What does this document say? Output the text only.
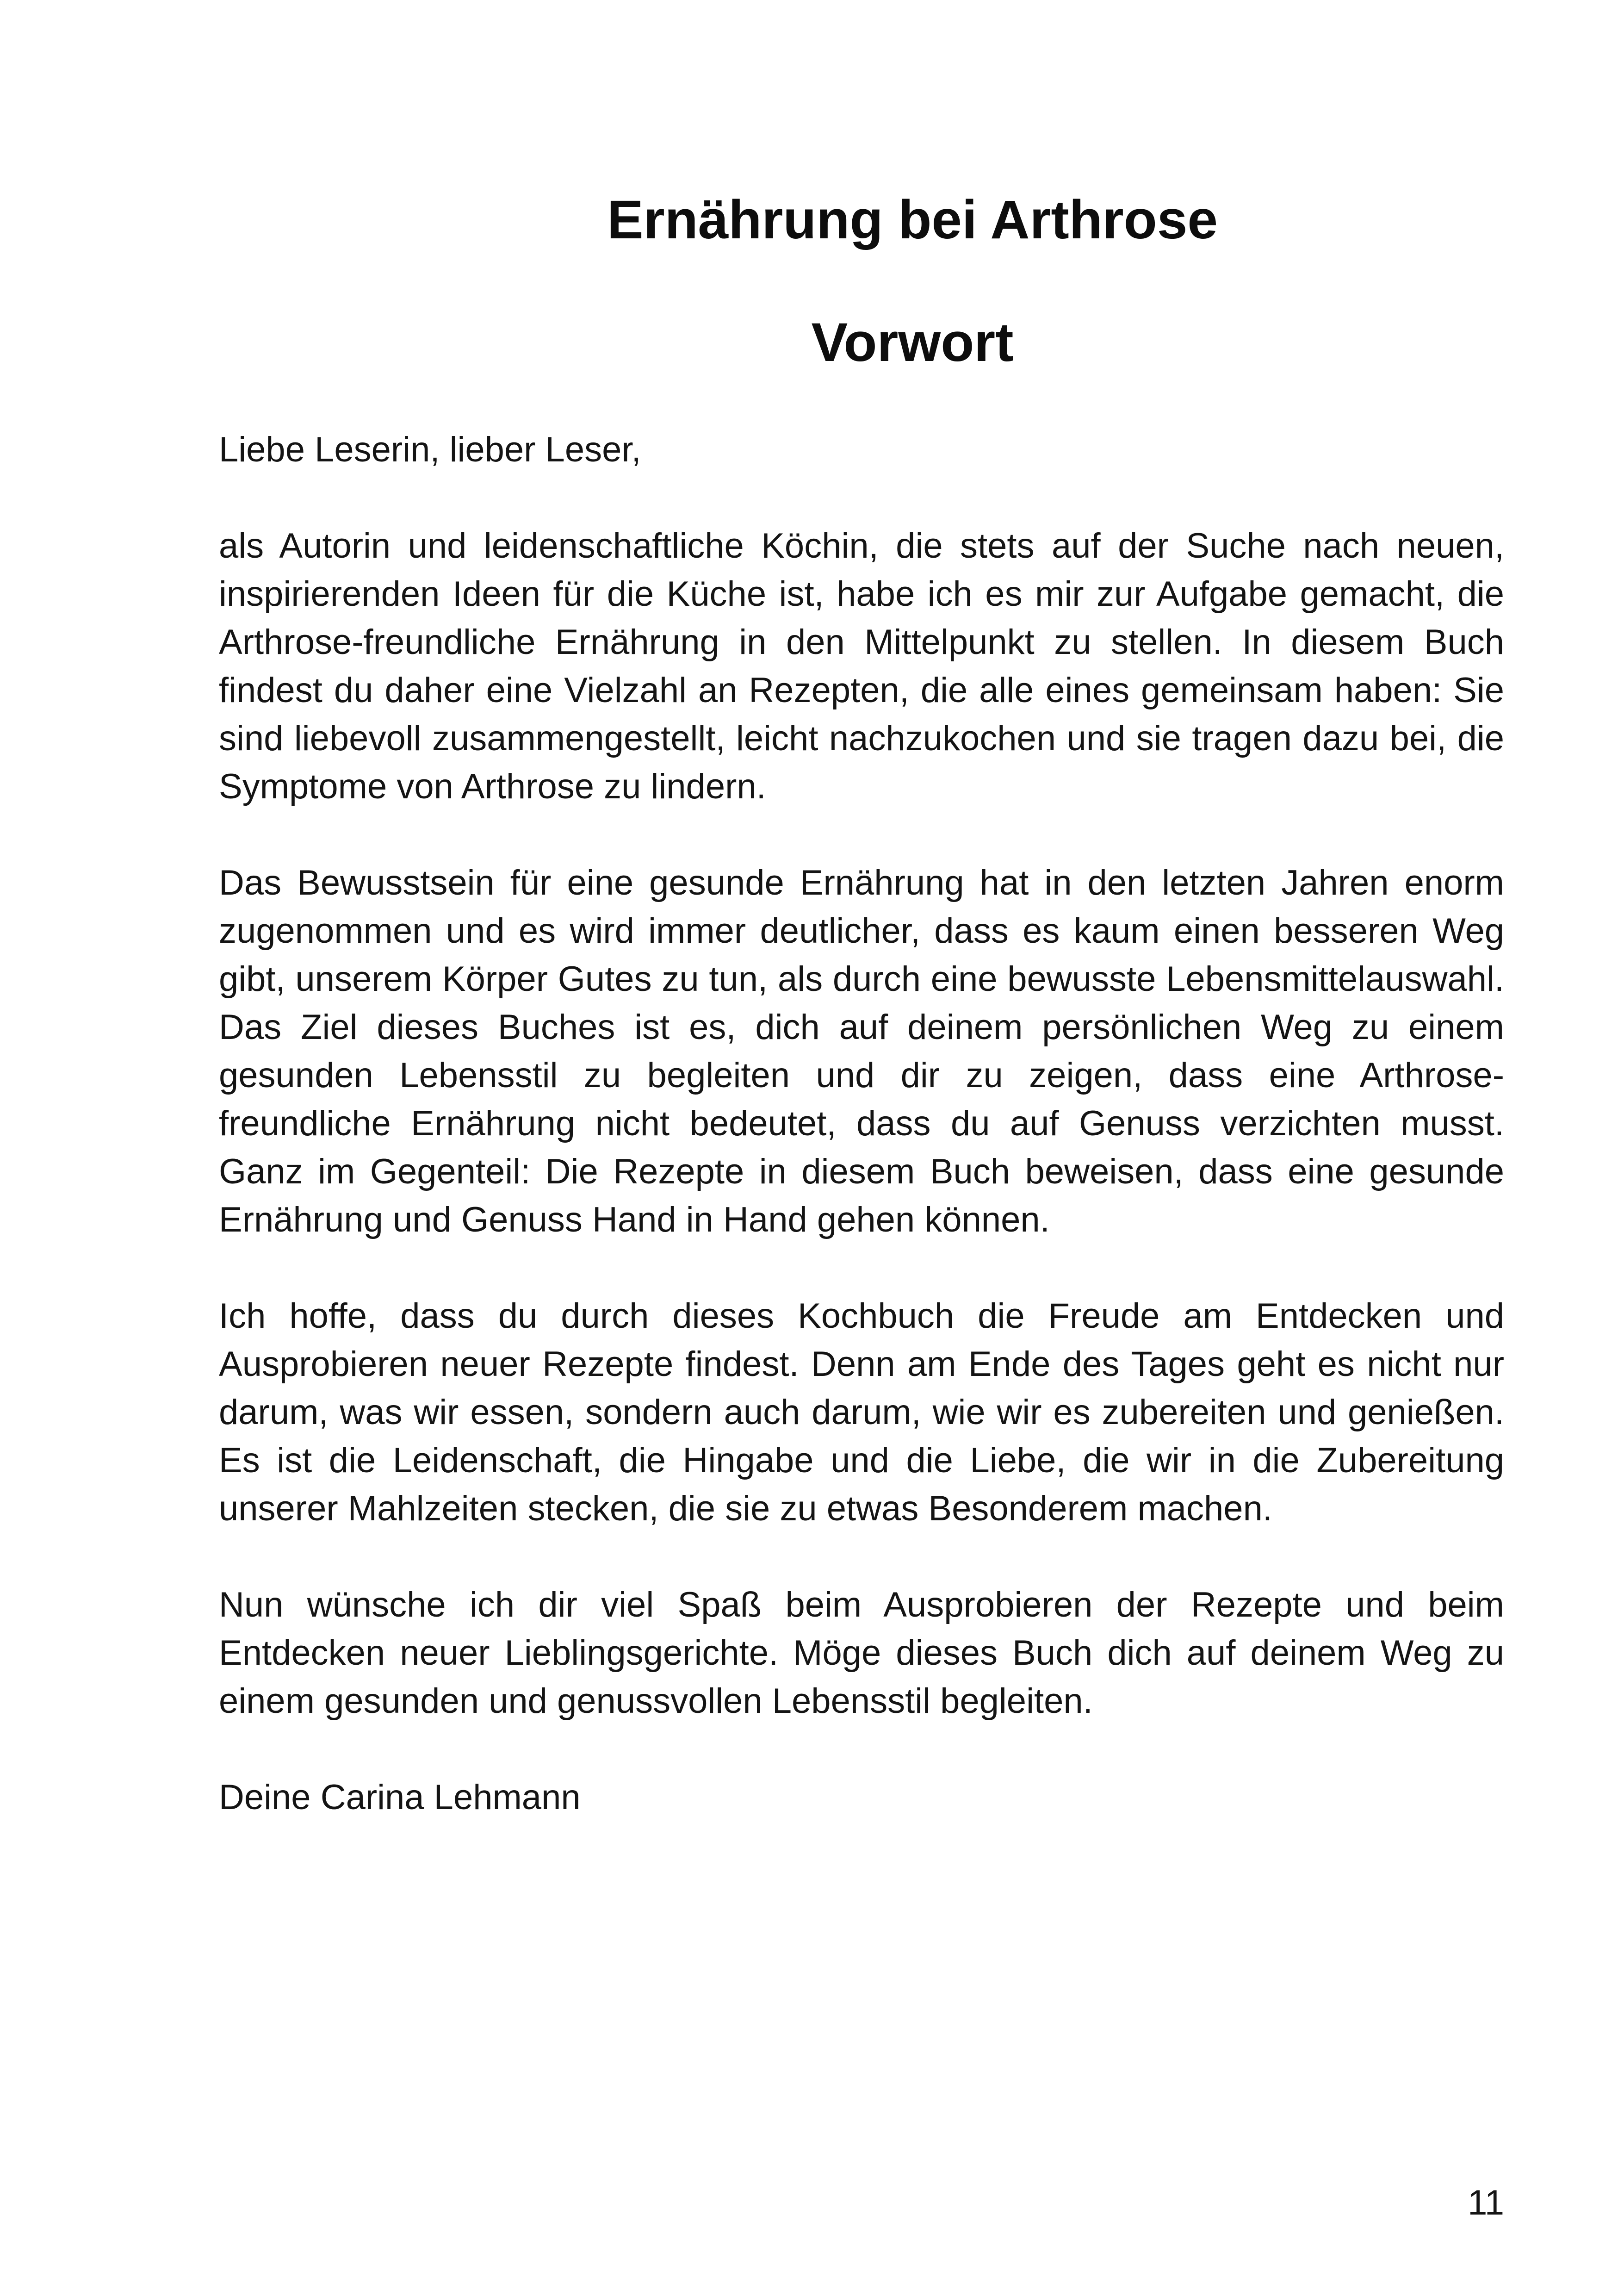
Ernährung bei Arthrose
Vorwort

Liebe Leserin, lieber Leser,

als Autorin und leidenschaftliche Köchin, die stets auf der Suche nach neuen, inspirierenden Ideen für die Küche ist, habe ich es mir zur Aufgabe gemacht, die Arthrose-freundliche Ernährung in den Mittelpunkt zu stellen. In diesem Buch findest du daher eine Vielzahl an Rezepten, die alle eines gemeinsam haben: Sie sind liebevoll zusammengestellt, leicht nachzukochen und sie tragen dazu bei, die Symptome von Arthrose zu lindern.

Das Bewusstsein für eine gesunde Ernährung hat in den letzten Jahren enorm zugenommen und es wird immer deutlicher, dass es kaum einen besseren Weg gibt, unserem Körper Gutes zu tun, als durch eine bewusste Lebensmittelauswahl. Das Ziel dieses Buches ist es, dich auf deinem persönlichen Weg zu einem gesunden Lebensstil zu begleiten und dir zu zeigen, dass eine Arthrose-freundliche Ernährung nicht bedeutet, dass du auf Genuss verzichten musst. Ganz im Gegenteil: Die Rezepte in diesem Buch beweisen, dass eine gesunde Ernährung und Genuss Hand in Hand gehen können.

Ich hoffe, dass du durch dieses Kochbuch die Freude am Entdecken und Ausprobieren neuer Rezepte findest. Denn am Ende des Tages geht es nicht nur darum, was wir essen, sondern auch darum, wie wir es zubereiten und genießen. Es ist die Leidenschaft, die Hingabe und die Liebe, die wir in die Zubereitung unserer Mahlzeiten stecken, die sie zu etwas Besonderem machen.

Nun wünsche ich dir viel Spaß beim Ausprobieren der Rezepte und beim Entdecken neuer Lieblingsgerichte. Möge dieses Buch dich auf deinem Weg zu einem gesunden und genussvollen Lebensstil begleiten.

Deine Carina Lehmann

11
